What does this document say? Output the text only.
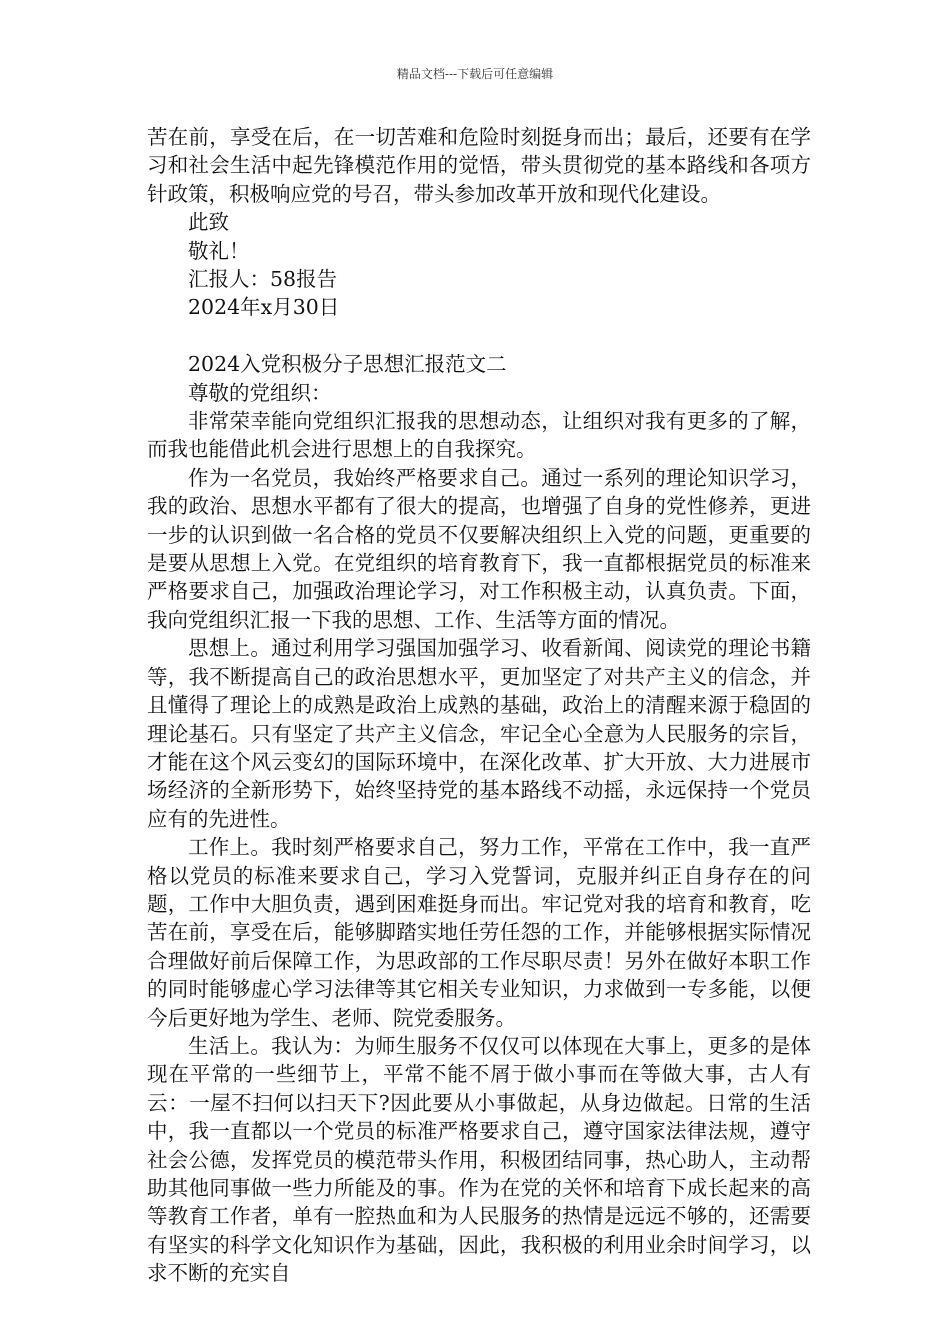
精品文档---下载后可任意编辑

苦在前，享受在后，在一切苦难和危险时刻挺身而出；最后，还要有在学习和社会生活中起先锋模范作用的觉悟，带头贯彻党的基本路线和各项方针政策，积极响应党的号召，带头参加改革开放和现代化建设。

此致

敬礼！

汇报人：58报告

2024年x月30日

2024入党积极分子思想汇报范文二

尊敬的党组织：

非常荣幸能向党组织汇报我的思想动态，让组织对我有更多的了解，而我也能借此机会进行思想上的自我探究。

作为一名党员，我始终严格要求自己。通过一系列的理论知识学习，我的政治、思想水平都有了很大的提高，也增强了自身的党性修养，更进一步的认识到做一名合格的党员不仅要解决组织上入党的问题，更重要的是要从思想上入党。在党组织的培育教育下，我一直都根据党员的标准来严格要求自己，加强政治理论学习，对工作积极主动，认真负责。下面，我向党组织汇报一下我的思想、工作、生活等方面的情况。

思想上。通过利用学习强国加强学习、收看新闻、阅读党的理论书籍等，我不断提高自己的政治思想水平，更加坚定了对共产主义的信念，并且懂得了理论上的成熟是政治上成熟的基础，政治上的清醒来源于稳固的理论基石。只有坚定了共产主义信念，牢记全心全意为人民服务的宗旨，才能在这个风云变幻的国际环境中，在深化改革、扩大开放、大力进展市场经济的全新形势下，始终坚持党的基本路线不动摇，永远保持一个党员应有的先进性。

工作上。我时刻严格要求自己，努力工作，平常在工作中，我一直严格以党员的标准来要求自己，学习入党誓词，克服并纠正自身存在的问题，工作中大胆负责，遇到困难挺身而出。牢记党对我的培育和教育，吃苦在前，享受在后，能够脚踏实地任劳任怨的工作，并能够根据实际情况合理做好前后保障工作，为思政部的工作尽职尽责！另外在做好本职工作的同时能够虚心学习法律等其它相关专业知识，力求做到一专多能，以便今后更好地为学生、老师、院党委服务。

生活上。我认为：为师生服务不仅仅可以体现在大事上，更多的是体现在平常的一些细节上，平常不能不屑于做小事而在等做大事，古人有云：一屋不扫何以扫天下?因此要从小事做起，从身边做起。日常的生活中，我一直都以一个党员的标准严格要求自己，遵守国家法律法规，遵守社会公德，发挥党员的模范带头作用，积极团结同事，热心助人，主动帮助其他同事做一些力所能及的事。作为在党的关怀和培育下成长起来的高等教育工作者，单有一腔热血和为人民服务的热情是远远不够的，还需要有坚实的科学文化知识作为基础，因此，我积极的利用业余时间学习，以求不断的充实自
